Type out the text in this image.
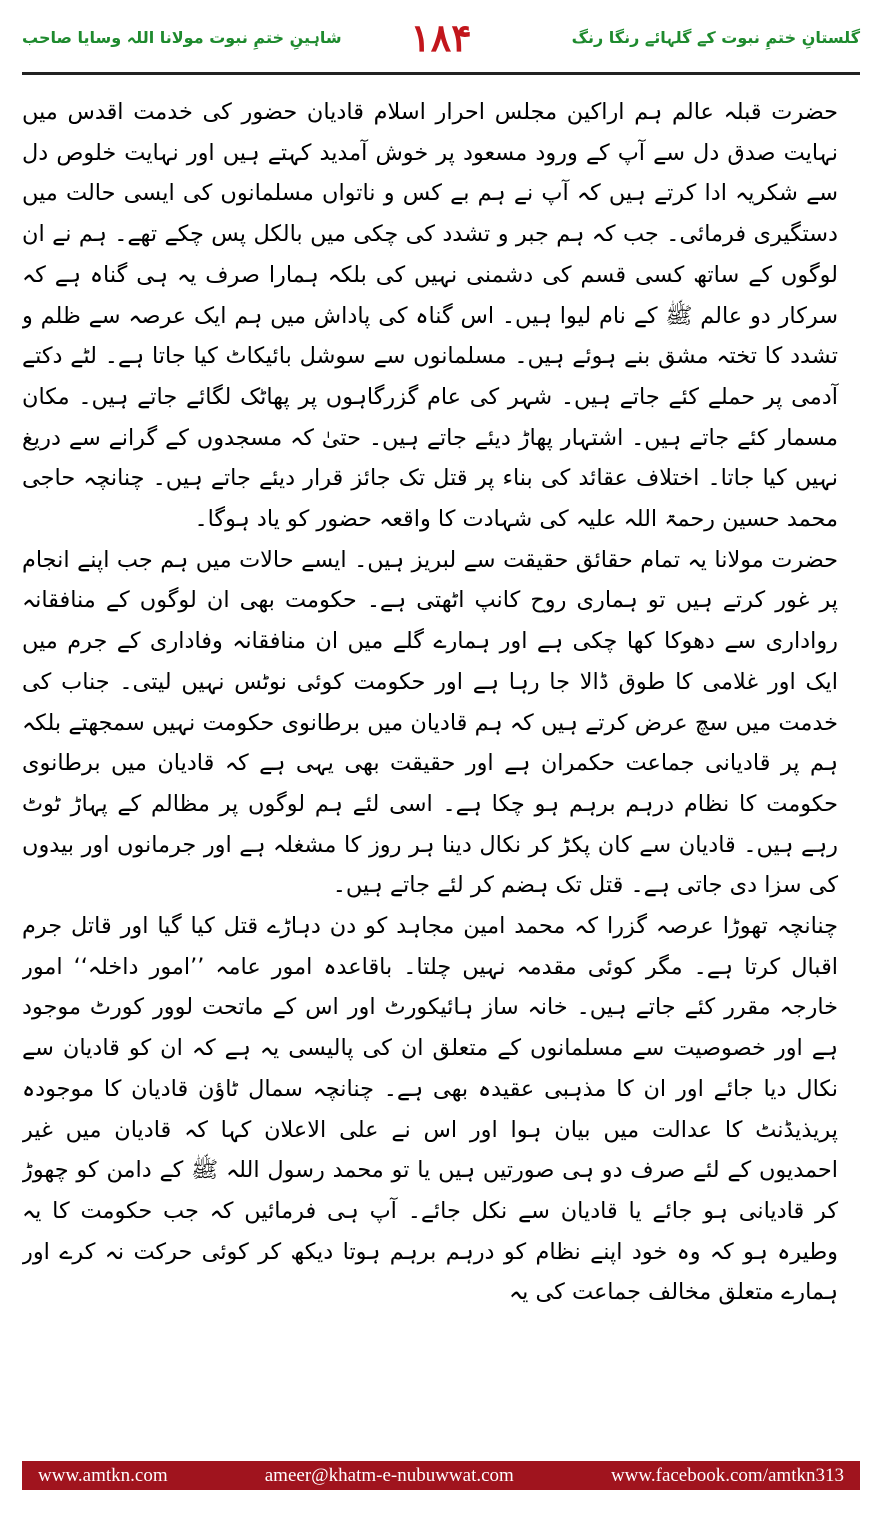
گلستانِ ختمِ نبوت کے گلہائے رنگا رنگ
۱۸۴
شاہینِ ختمِ نبوت مولانا اللہ وسایا صاحب

حضرت قبلہ عالم ہم اراکین مجلس احرار اسلام قادیان حضور کی خدمت اقدس میں نہایت صدق دل سے آپ کے ورود مسعود پر خوش آمدید کہتے ہیں اور نہایت خلوص دل سے شکریہ ادا کرتے ہیں کہ آپ نے ہم بے کس و ناتواں مسلمانوں کی ایسی حالت میں دستگیری فرمائی۔ جب کہ ہم جبر و تشدد کی چکی میں بالکل پس چکے تھے۔ ہم نے ان لوگوں کے ساتھ کسی قسم کی دشمنی نہیں کی بلکہ ہمارا صرف یہ ہی گناہ ہے کہ سرکار دو عالم ﷺ کے نام لیوا ہیں۔ اس گناہ کی پاداش میں ہم ایک عرصہ سے ظلم و تشدد کا تختہ مشق بنے ہوئے ہیں۔ مسلمانوں سے سوشل بائیکاٹ کیا جاتا ہے۔ لٹے دکتے آدمی پر حملے کئے جاتے ہیں۔ شہر کی عام گزرگاہوں پر پھاٹک لگائے جاتے ہیں۔ مکان مسمار کئے جاتے ہیں۔ اشتہار پھاڑ دیئے جاتے ہیں۔ حتیٰ کہ مسجدوں کے گرانے سے دریغ نہیں کیا جاتا۔ اختلاف عقائد کی بناء پر قتل تک جائز قرار دیئے جاتے ہیں۔ چنانچہ حاجی محمد حسین رحمۃ اللہ علیہ کی شہادت کا واقعہ حضور کو یاد ہوگا۔

حضرت مولانا یہ تمام حقائق حقیقت سے لبریز ہیں۔ ایسے حالات میں ہم جب اپنے انجام پر غور کرتے ہیں تو ہماری روح کانپ اٹھتی ہے۔ حکومت بھی ان لوگوں کے منافقانہ رواداری سے دھوکا کھا چکی ہے اور ہمارے گلے میں ان منافقانہ وفاداری کے جرم میں ایک اور غلامی کا طوق ڈالا جا رہا ہے اور حکومت کوئی نوٹس نہیں لیتی۔ جناب کی خدمت میں سچ عرض کرتے ہیں کہ ہم قادیان میں برطانوی حکومت نہیں سمجھتے بلکہ ہم پر قادیانی جماعت حکمران ہے اور حقیقت بھی یہی ہے کہ قادیان میں برطانوی حکومت کا نظام درہم برہم ہو چکا ہے۔ اسی لئے ہم لوگوں پر مظالم کے پہاڑ ٹوٹ رہے ہیں۔ قادیان سے کان پکڑ کر نکال دینا ہر روز کا مشغلہ ہے اور جرمانوں اور بیدوں کی سزا دی جاتی ہے۔ قتل تک ہضم کر لئے جاتے ہیں۔

چنانچہ تھوڑا عرصہ گزرا کہ محمد امین مجاہد کو دن دہاڑے قتل کیا گیا اور قاتل جرم اقبال کرتا ہے۔ مگر کوئی مقدمہ نہیں چلتا۔ باقاعدہ امور عامہ ’’امور داخلہ‘‘ امور خارجہ مقرر کئے جاتے ہیں۔ خانہ ساز ہائیکورٹ اور اس کے ماتحت لوور کورٹ موجود ہے اور خصوصیت سے مسلمانوں کے متعلق ان کی پالیسی یہ ہے کہ ان کو قادیان سے نکال دیا جائے اور ان کا مذہبی عقیدہ بھی ہے۔ چنانچہ سمال ٹاؤن قادیان کا موجودہ پریذیڈنٹ کا عدالت میں بیان ہوا اور اس نے علی الاعلان کہا کہ قادیان میں غیر احمدیوں کے لئے صرف دو ہی صورتیں ہیں یا تو محمد رسول اللہ ﷺ کے دامن کو چھوڑ کر قادیانی ہو جائے یا قادیان سے نکل جائے۔ آپ ہی فرمائیں کہ جب حکومت کا یہ وطیرہ ہو کہ وہ خود اپنے نظام کو درہم برہم ہوتا دیکھ کر کوئی حرکت نہ کرے اور ہمارے متعلق مخالف جماعت کی یہ

www.amtkn.com	ameer@khatm-e-nubuwwat.com	www.facebook.com/amtkn313
